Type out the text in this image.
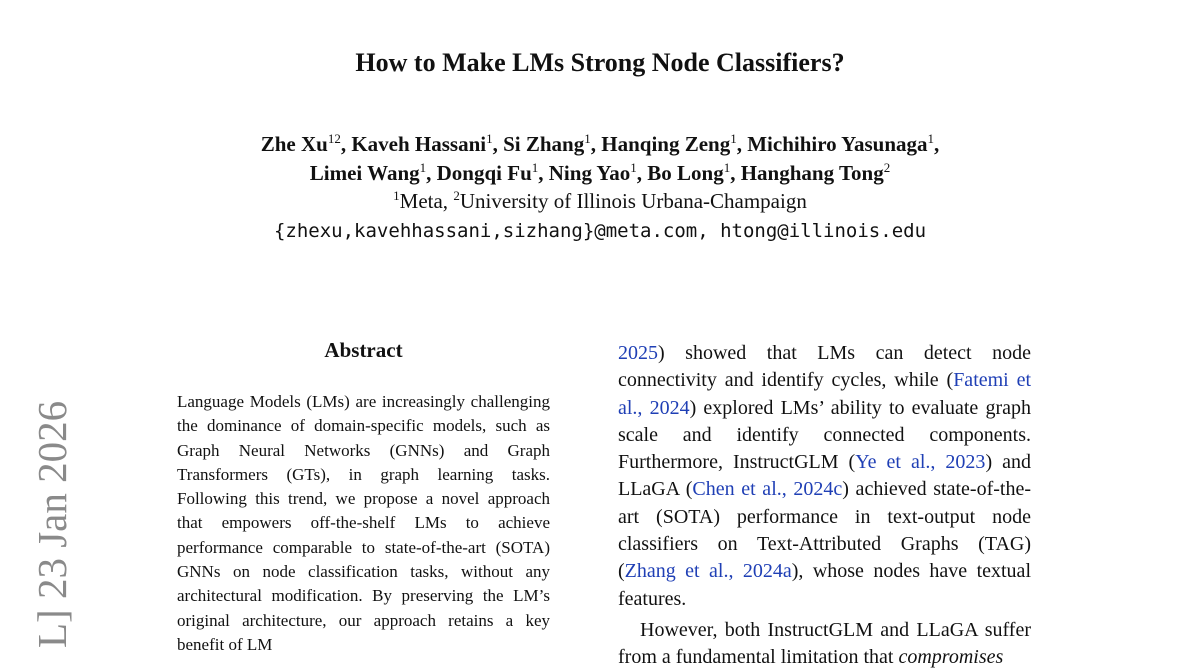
How to Make LMs Strong Node Classifiers?
Zhe Xu$^{12}$, Kaveh Hassani$^1$, Si Zhang$^1$, Hanqing Zeng$^1$, Michihiro Yasunaga$^1$,
Limei Wang$^1$, Dongqi Fu$^1$, Ning Yao$^1$, Bo Long$^1$, Hanghang Tong$^2$
$^1$Meta, $^2$University of Illinois Urbana-Champaign
{zhexu,kavehhassani,sizhang}@meta.com, htong@illinois.edu
L] 23 Jan 2026
Abstract
Language Models (LMs) are increasingly challenging the dominance of domain-specific models, such as Graph Neural Networks (GNNs) and Graph Transformers (GTs), in graph learning tasks. Following this trend, we propose a novel approach that empowers off-the-shelf LMs to achieve performance comparable to state-of-the-art (SOTA) GNNs on node classification tasks, without any architectural modification. By preserving the LM’s original architecture, our approach retains a key benefit of LM

2025) showed that LMs can detect node connectivity and identify cycles, while (Fatemi et al., 2024) explored LMs’ ability to evaluate graph scale and identify connected components. Furthermore, InstructGLM (Ye et al., 2023) and LLaGA (Chen et al., 2024c) achieved state-of-the-art (SOTA) performance in text-output node classifiers on Text-Attributed Graphs (TAG) (Zhang et al., 2024a), whose nodes have textual features.

However, both InstructGLM and LLaGA suffer from a fundamental limitation that compromises
